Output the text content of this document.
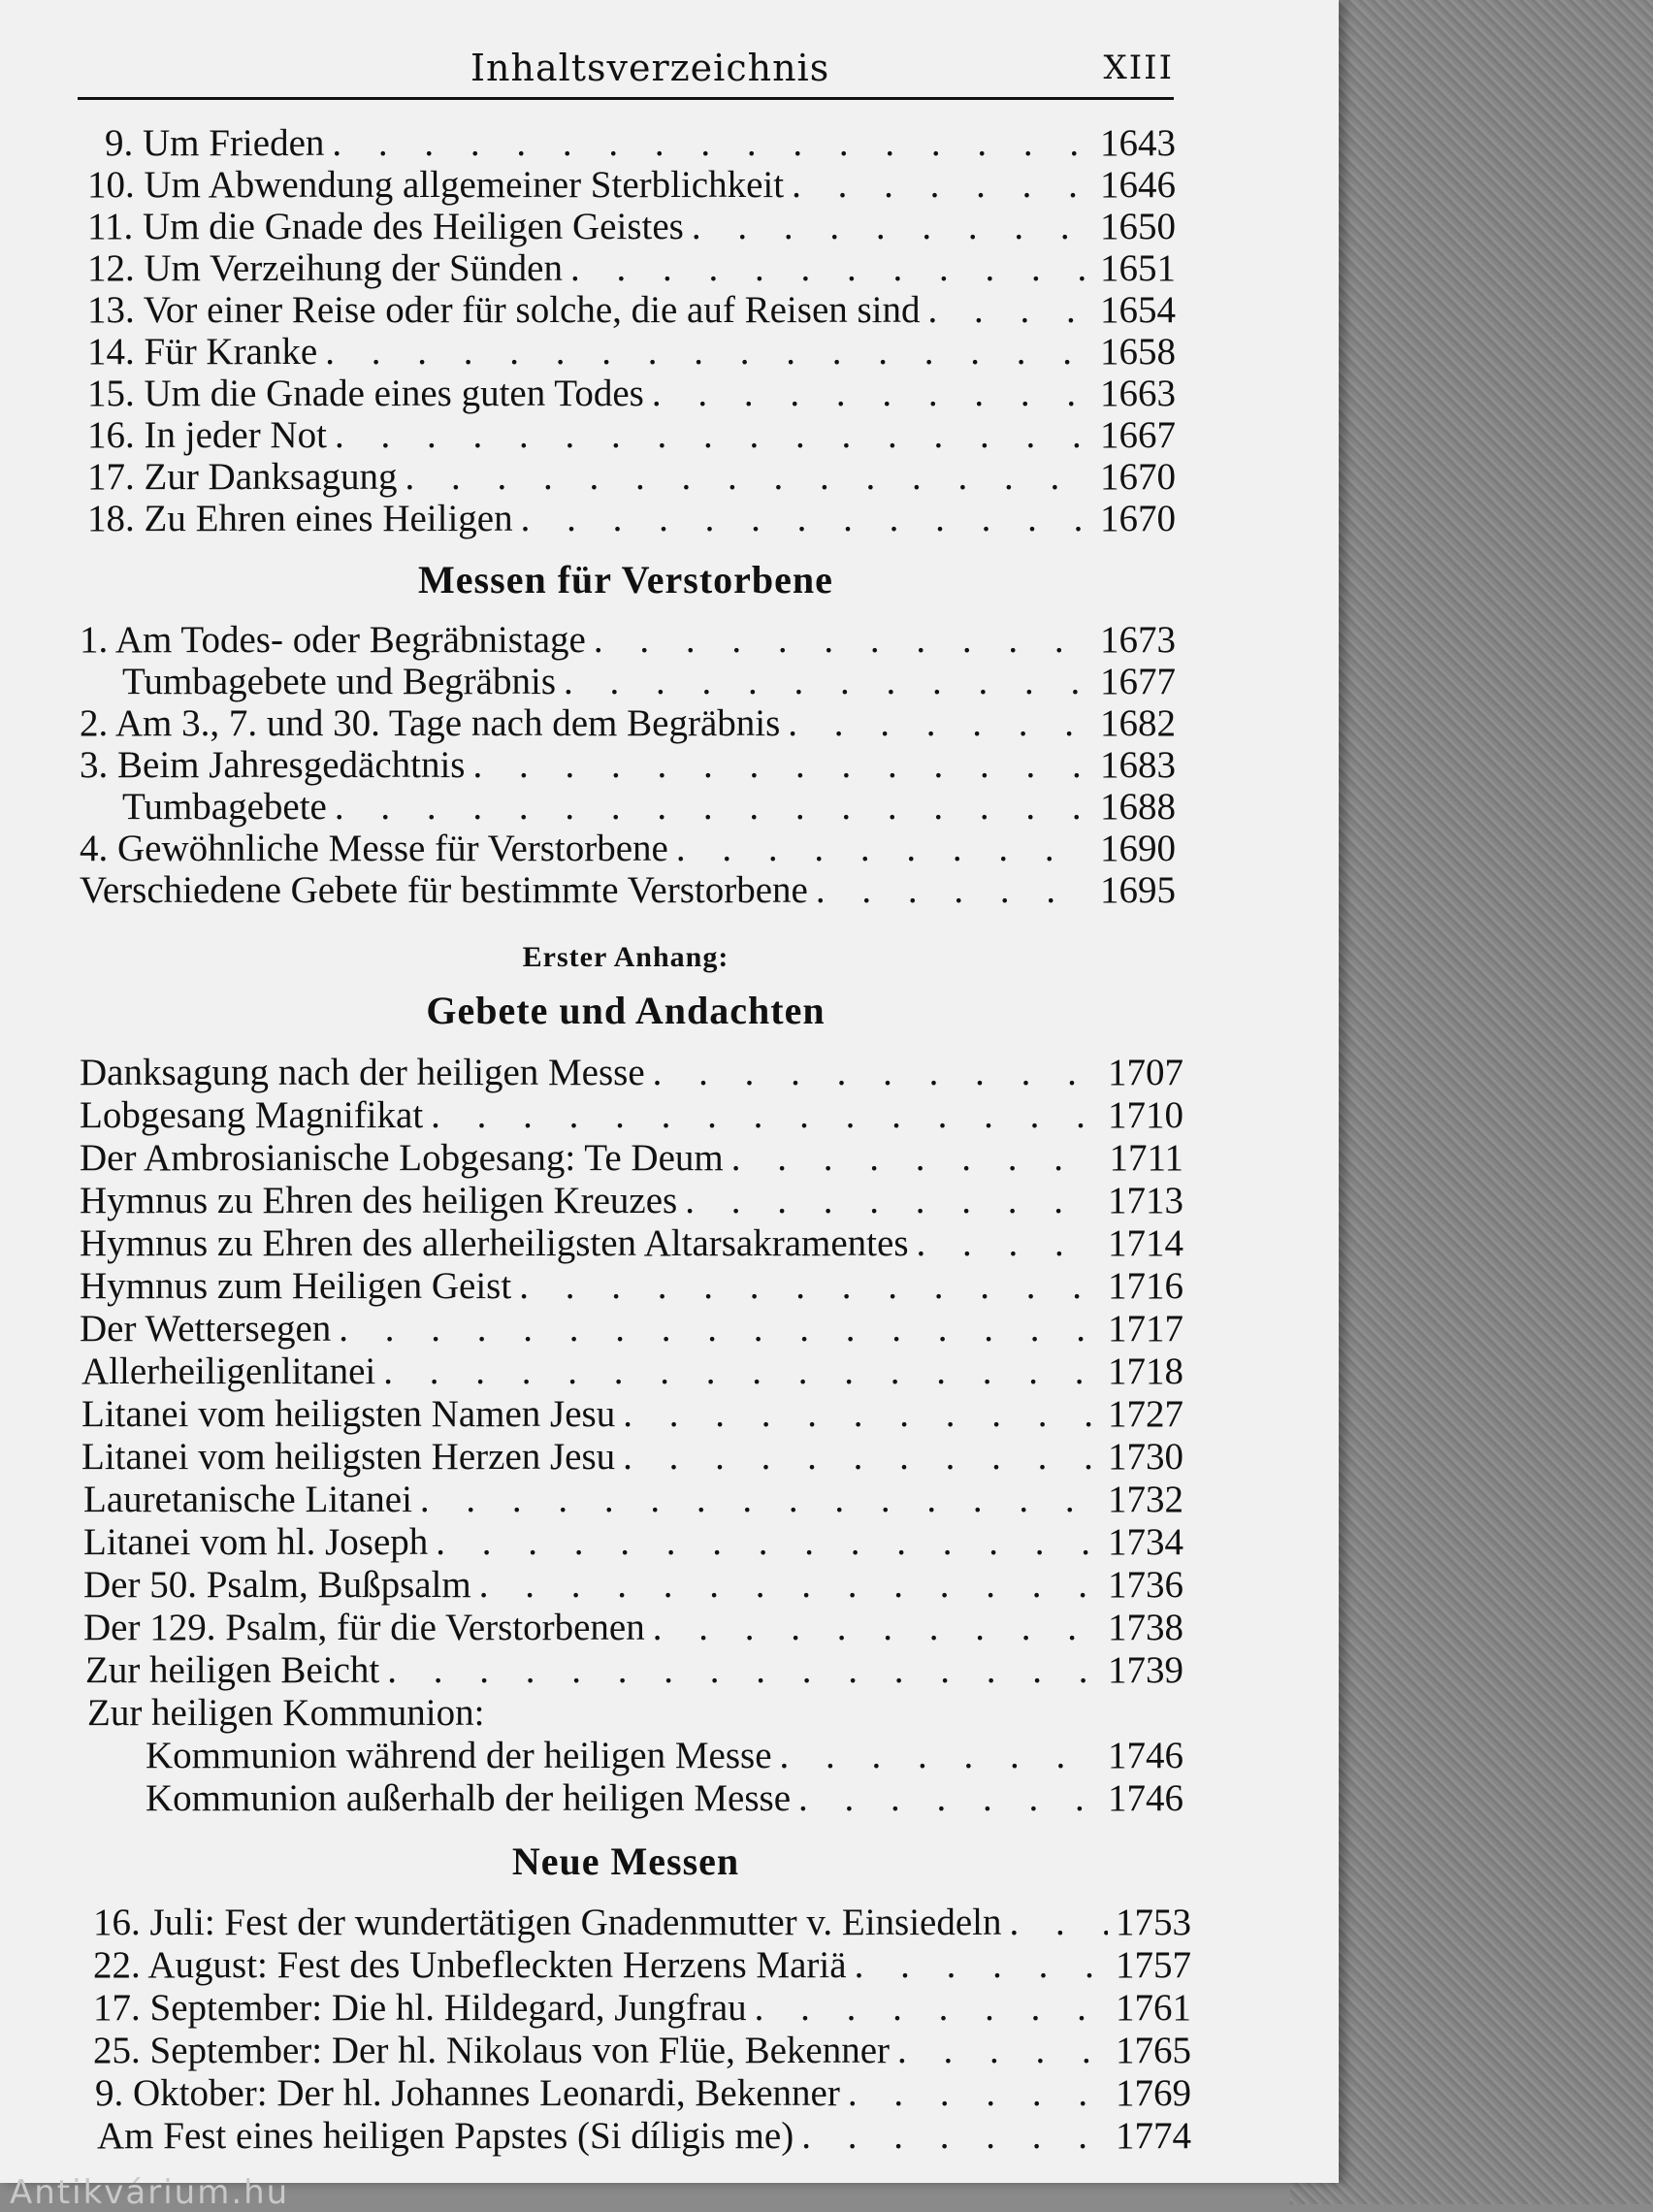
Inhaltsverzeichnis	XIII
9. Um Frieden . . .	1643
10. Um Abwendung allgemeiner Sterblichkeit . . .	1646
11. Um die Gnade des Heiligen Geistes . . .	1650
12. Um Verzeihung der Sünden . . .	1651
13. Vor einer Reise oder für solche, die auf Reisen sind . . .	1654
14. Für Kranke . . .	1658
15. Um die Gnade eines guten Todes . . .	1663
16. In jeder Not . . .	1667
17. Zur Danksagung . . .	1670
18. Zu Ehren eines Heiligen . . .	1670
Messen für Verstorbene
1. Am Todes- oder Begräbnistage . . .	1673
Tumbagebete und Begräbnis . . .	1677
2. Am 3., 7. und 30. Tage nach dem Begräbnis . . .	1682
3. Beim Jahresgedächtnis . . .	1683
Tumbagebete . . .	1688
4. Gewöhnliche Messe für Verstorbene . . .	1690
Verschiedene Gebete für bestimmte Verstorbene . . .	1695
Erster Anhang:
Gebete und Andachten
Danksagung nach der heiligen Messe . . .	1707
Lobgesang Magnifikat . . .	1710
Der Ambrosianische Lobgesang: Te Deum . . .	1711
Hymnus zu Ehren des heiligen Kreuzes . . .	1713
Hymnus zu Ehren des allerheiligsten Altarsakramentes . . .	1714
Hymnus zum Heiligen Geist . . .	1716
Der Wettersegen . . .	1717
Allerheiligenlitanei . . .	1718
Litanei vom heiligsten Namen Jesu . . .	1727
Litanei vom heiligsten Herzen Jesu . . .	1730
Lauretanische Litanei . . .	1732
Litanei vom hl. Joseph . . .	1734
Der 50. Psalm, Bußpsalm . . .	1736
Der 129. Psalm, für die Verstorbenen . . .	1738
Zur heiligen Beicht . . .	1739
Zur heiligen Kommunion:
Kommunion während der heiligen Messe . . .	1746
Kommunion außerhalb der heiligen Messe . . .	1746
Neue Messen
16. Juli: Fest der wundertätigen Gnadenmutter v. Einsiedeln . . .	1753
22. August: Fest des Unbefleckten Herzens Mariä . . .	1757
17. September: Die hl. Hildegard, Jungfrau . . .	1761
25. September: Der hl. Nikolaus von Flüe, Bekenner . . .	1765
9. Oktober: Der hl. Johannes Leonardi, Bekenner . . .	1769
Am Fest eines heiligen Papstes (Si díligis me) . . .	1774
Antikvárium.hu
